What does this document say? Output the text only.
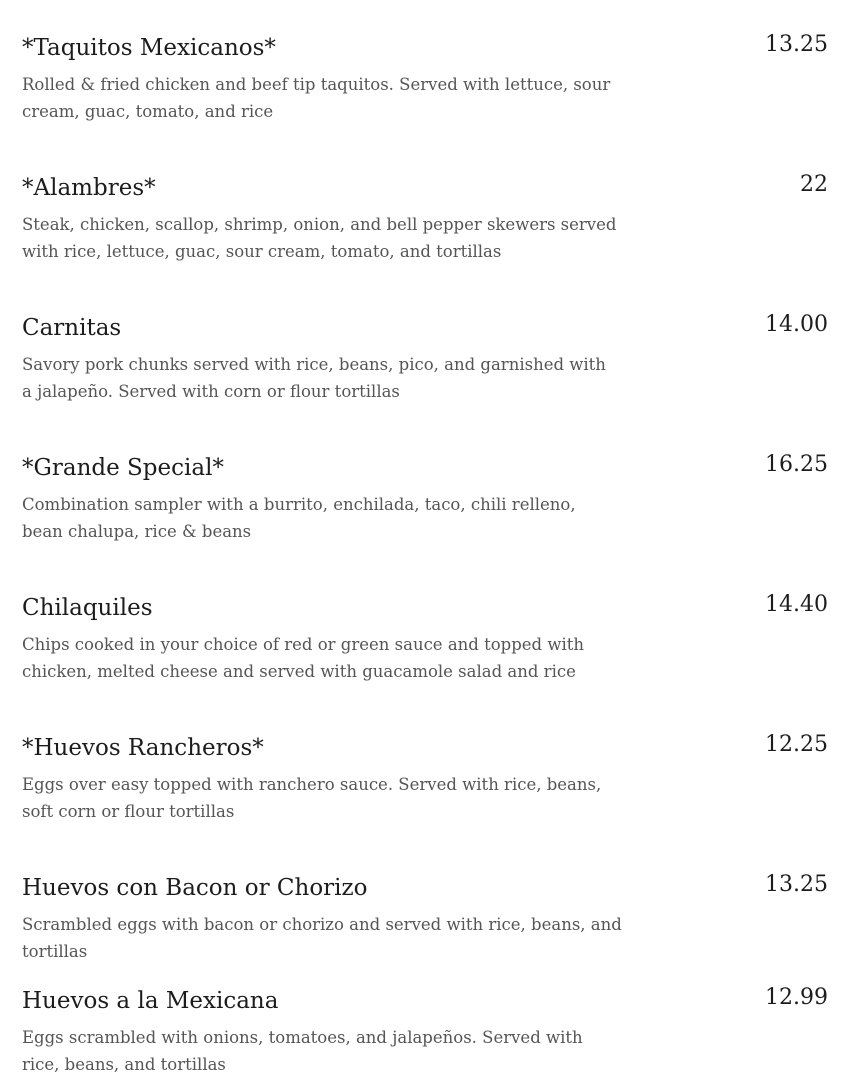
*Taquitos Mexicanos*	13.25
Rolled & fried chicken and beef tip taquitos. Served with lettuce, sour cream, guac, tomato, and rice
*Alambres*	22
Steak, chicken, scallop, shrimp, onion, and bell pepper skewers served with rice, lettuce, guac, sour cream, tomato, and tortillas
Carnitas	14.00
Savory pork chunks served with rice, beans, pico, and garnished with a jalapeño. Served with corn or flour tortillas
*Grande Special*	16.25
Combination sampler with a burrito, enchilada, taco, chili relleno, bean chalupa, rice & beans
Chilaquiles	14.40
Chips cooked in your choice of red or green sauce and topped with chicken, melted cheese and served with guacamole salad and rice
*Huevos Rancheros*	12.25
Eggs over easy topped with ranchero sauce. Served with rice, beans, soft corn or flour tortillas
Huevos con Bacon or Chorizo	13.25
Scrambled eggs with bacon or chorizo and served with rice, beans, and tortillas
Huevos a la Mexicana	12.99
Eggs scrambled with onions, tomatoes, and jalapeños. Served with rice, beans, and tortillas
